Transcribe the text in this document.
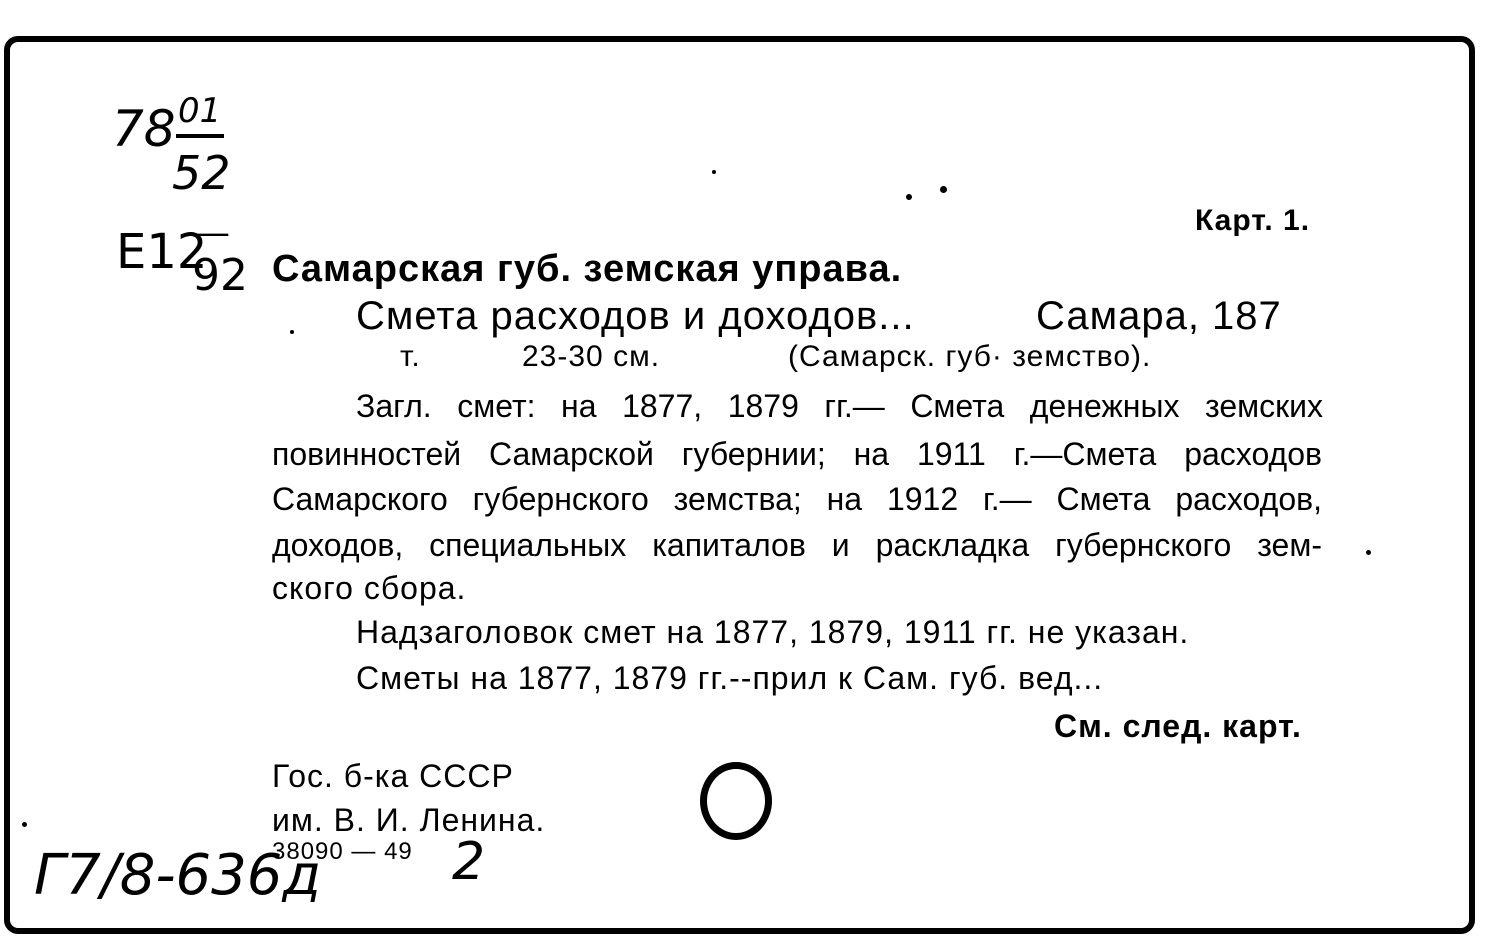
78 01
52
E12
—
92
Карт. 1.
Самарская губ. земская управа.
Смета расходов и доходов...	Самара, 187
т.	23-30 см.	(Самарск. губ· земство).
Загл. смет: на 1877, 1879 гг.— Смета денежных земских
повинностей Самарской губернии; на 1911 г.—Смета расходов
Самарского губернского земства; на 1912 г.— Смета расходов,
доходов, специальных капиталов и раскладка губернского зем-
ского сбора.
Надзаголовок смет на 1877, 1879, 1911 гг. не указан.
Сметы на 1877, 1879 гг.--прил к Сам. губ. вед...
См. след. карт.
Гос. б-ка СССР
им. В. И. Ленина.
38090 — 49
Г7/8-636д	2
